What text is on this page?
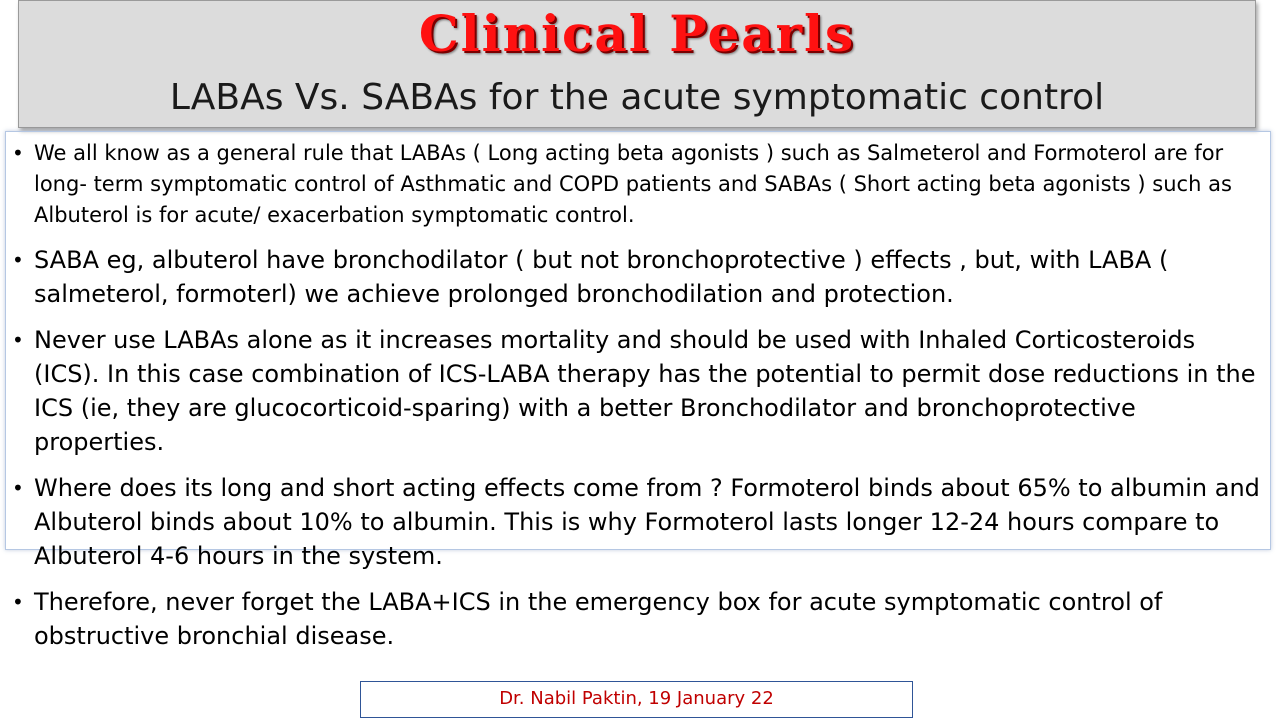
Clinical Pearls
LABAs Vs. SABAs for the acute symptomatic control
• We all know as a general rule that LABAs ( Long acting beta agonists ) such as Salmeterol and Formoterol are for long- term symptomatic control of Asthmatic and COPD patients and SABAs ( Short acting beta agonists ) such as Albuterol is for acute/ exacerbation symptomatic control.
• SABA eg, albuterol have bronchodilator ( but not bronchoprotective ) effects , but, with LABA ( salmeterol, formoterl) we achieve prolonged bronchodilation and protection.
• Never use LABAs alone as it increases mortality and should be used with Inhaled Corticosteroids (ICS). In this case combination of ICS-LABA therapy has the potential to permit dose reductions in the ICS (ie, they are glucocorticoid-sparing) with a better Bronchodilator and bronchoprotective properties.
• Where does its long and short acting effects come from ? Formoterol binds about 65% to albumin and Albuterol binds about 10% to albumin. This is why Formoterol lasts longer 12-24 hours compare to Albuterol 4-6 hours in the system.
• Therefore, never forget the LABA+ICS in the emergency box for acute symptomatic control of obstructive bronchial disease.
Dr. Nabil Paktin, 19 January 22
